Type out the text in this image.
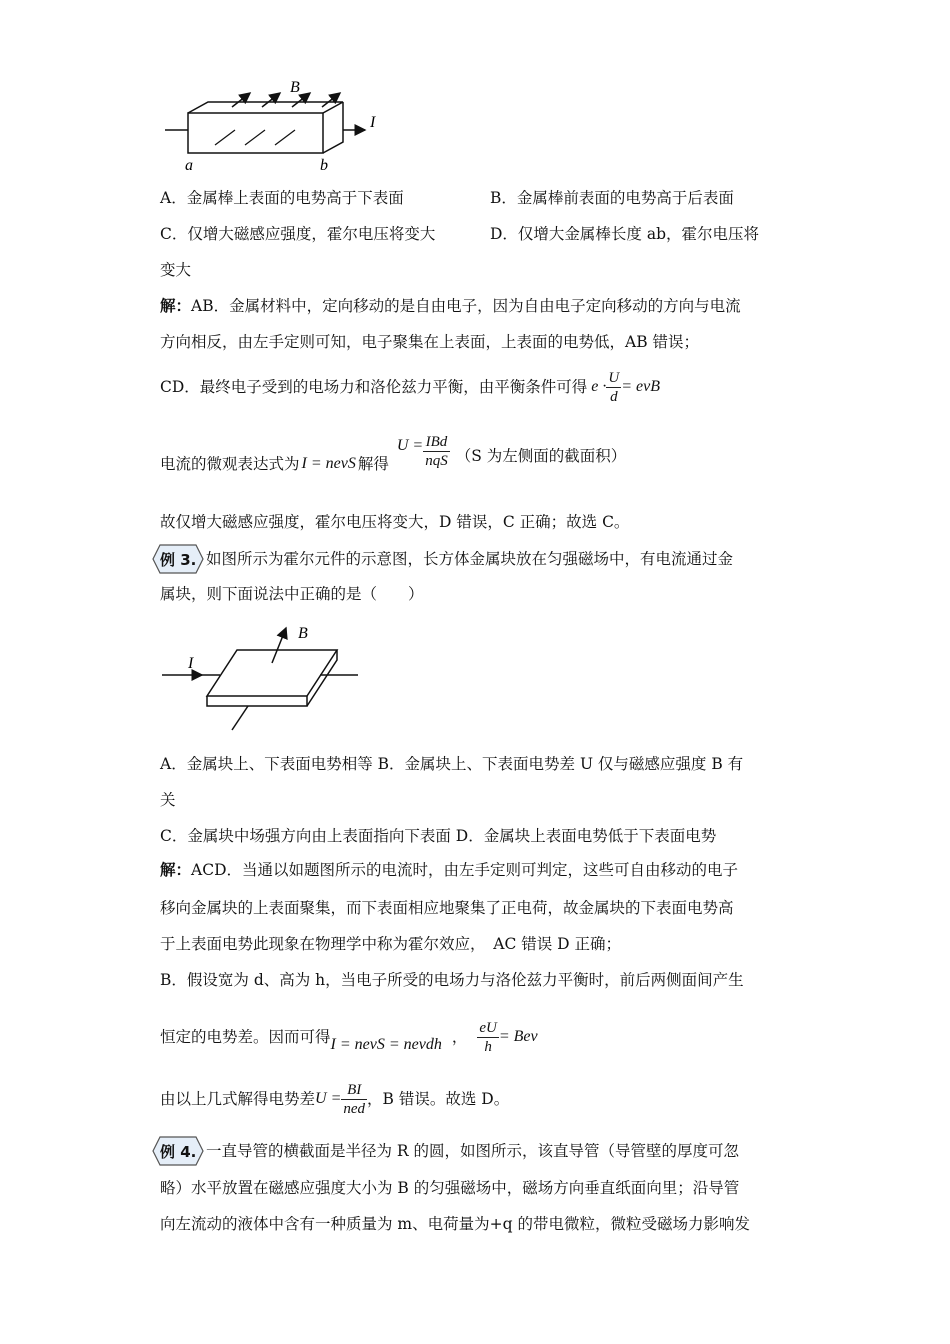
B
I
a	b
A．金属棒上表面的电势高于下表面	B．金属棒前表面的电势高于后表面
C．仅增大磁感应强度，霍尔电压将变大	D．仅增大金属棒长度 ab，霍尔电压将
变大
解：AB．金属材料中，定向移动的是自由电子，因为自由电子定向移动的方向与电流
方向相反，由左手定则可知，电子聚集在上表面，上表面的电势低，AB 错误；
CD．最终电子受到的电场力和洛伦兹力平衡，由平衡条件可得 $e \cdot \frac{U}{d}$ = evB
电流的微观表达式为 I = nevS 解得
$U = \frac{\text{IBd}}{\text{nqS}} (S$ 为左侧面的截面积）
故仅增大磁感应强度，霍尔电压将变大，D 错误，C 正确；故选 C。
例 3. 如图所示为霍尔元件的示意图，长方体金属块放在匀强磁场中，有电流通过金
属块，则下面说法中正确的是（　　）
B
I
A．金属块上、下表面电势相等 B．金属块上、下表面电势差 U 仅与磁感应强度 B 有
关
C．金属块中场强方向由上表面指向下表面 D．金属块上表面电势低于下表面电势
解：ACD．当通以如题图所示的电流时，由左手定则可判定，这些可自由移动的电子
移向金属块的上表面聚集，而下表面相应地聚集了正电荷，故金属块的下表面电势高
于上表面电势此现象在物理学中称为霍尔效应，　AC 错误 D 正确；
B．假设宽为 d、高为 h，当电子所受的电场力与洛伦兹力平衡时，前后两侧面间产生
恒定的电势差。因而可得 I = nevS = nevdh ， $\frac{eU}{h}$ = Bev
由以上几式解得电势差 $U = \frac{BI}{\text{ned}}$ ，B 错误。故选 D。
例 4. 一直导管的横截面是半径为 R 的圆，如图所示，该直导管（导管壁的厚度可忽
略）水平放置在磁感应强度大小为 B 的匀强磁场中，磁场方向垂直纸面向里；沿导管
向左流动的液体中含有一种质量为 m、电荷量为+q 的带电微粒，微粒受磁场力影响发
